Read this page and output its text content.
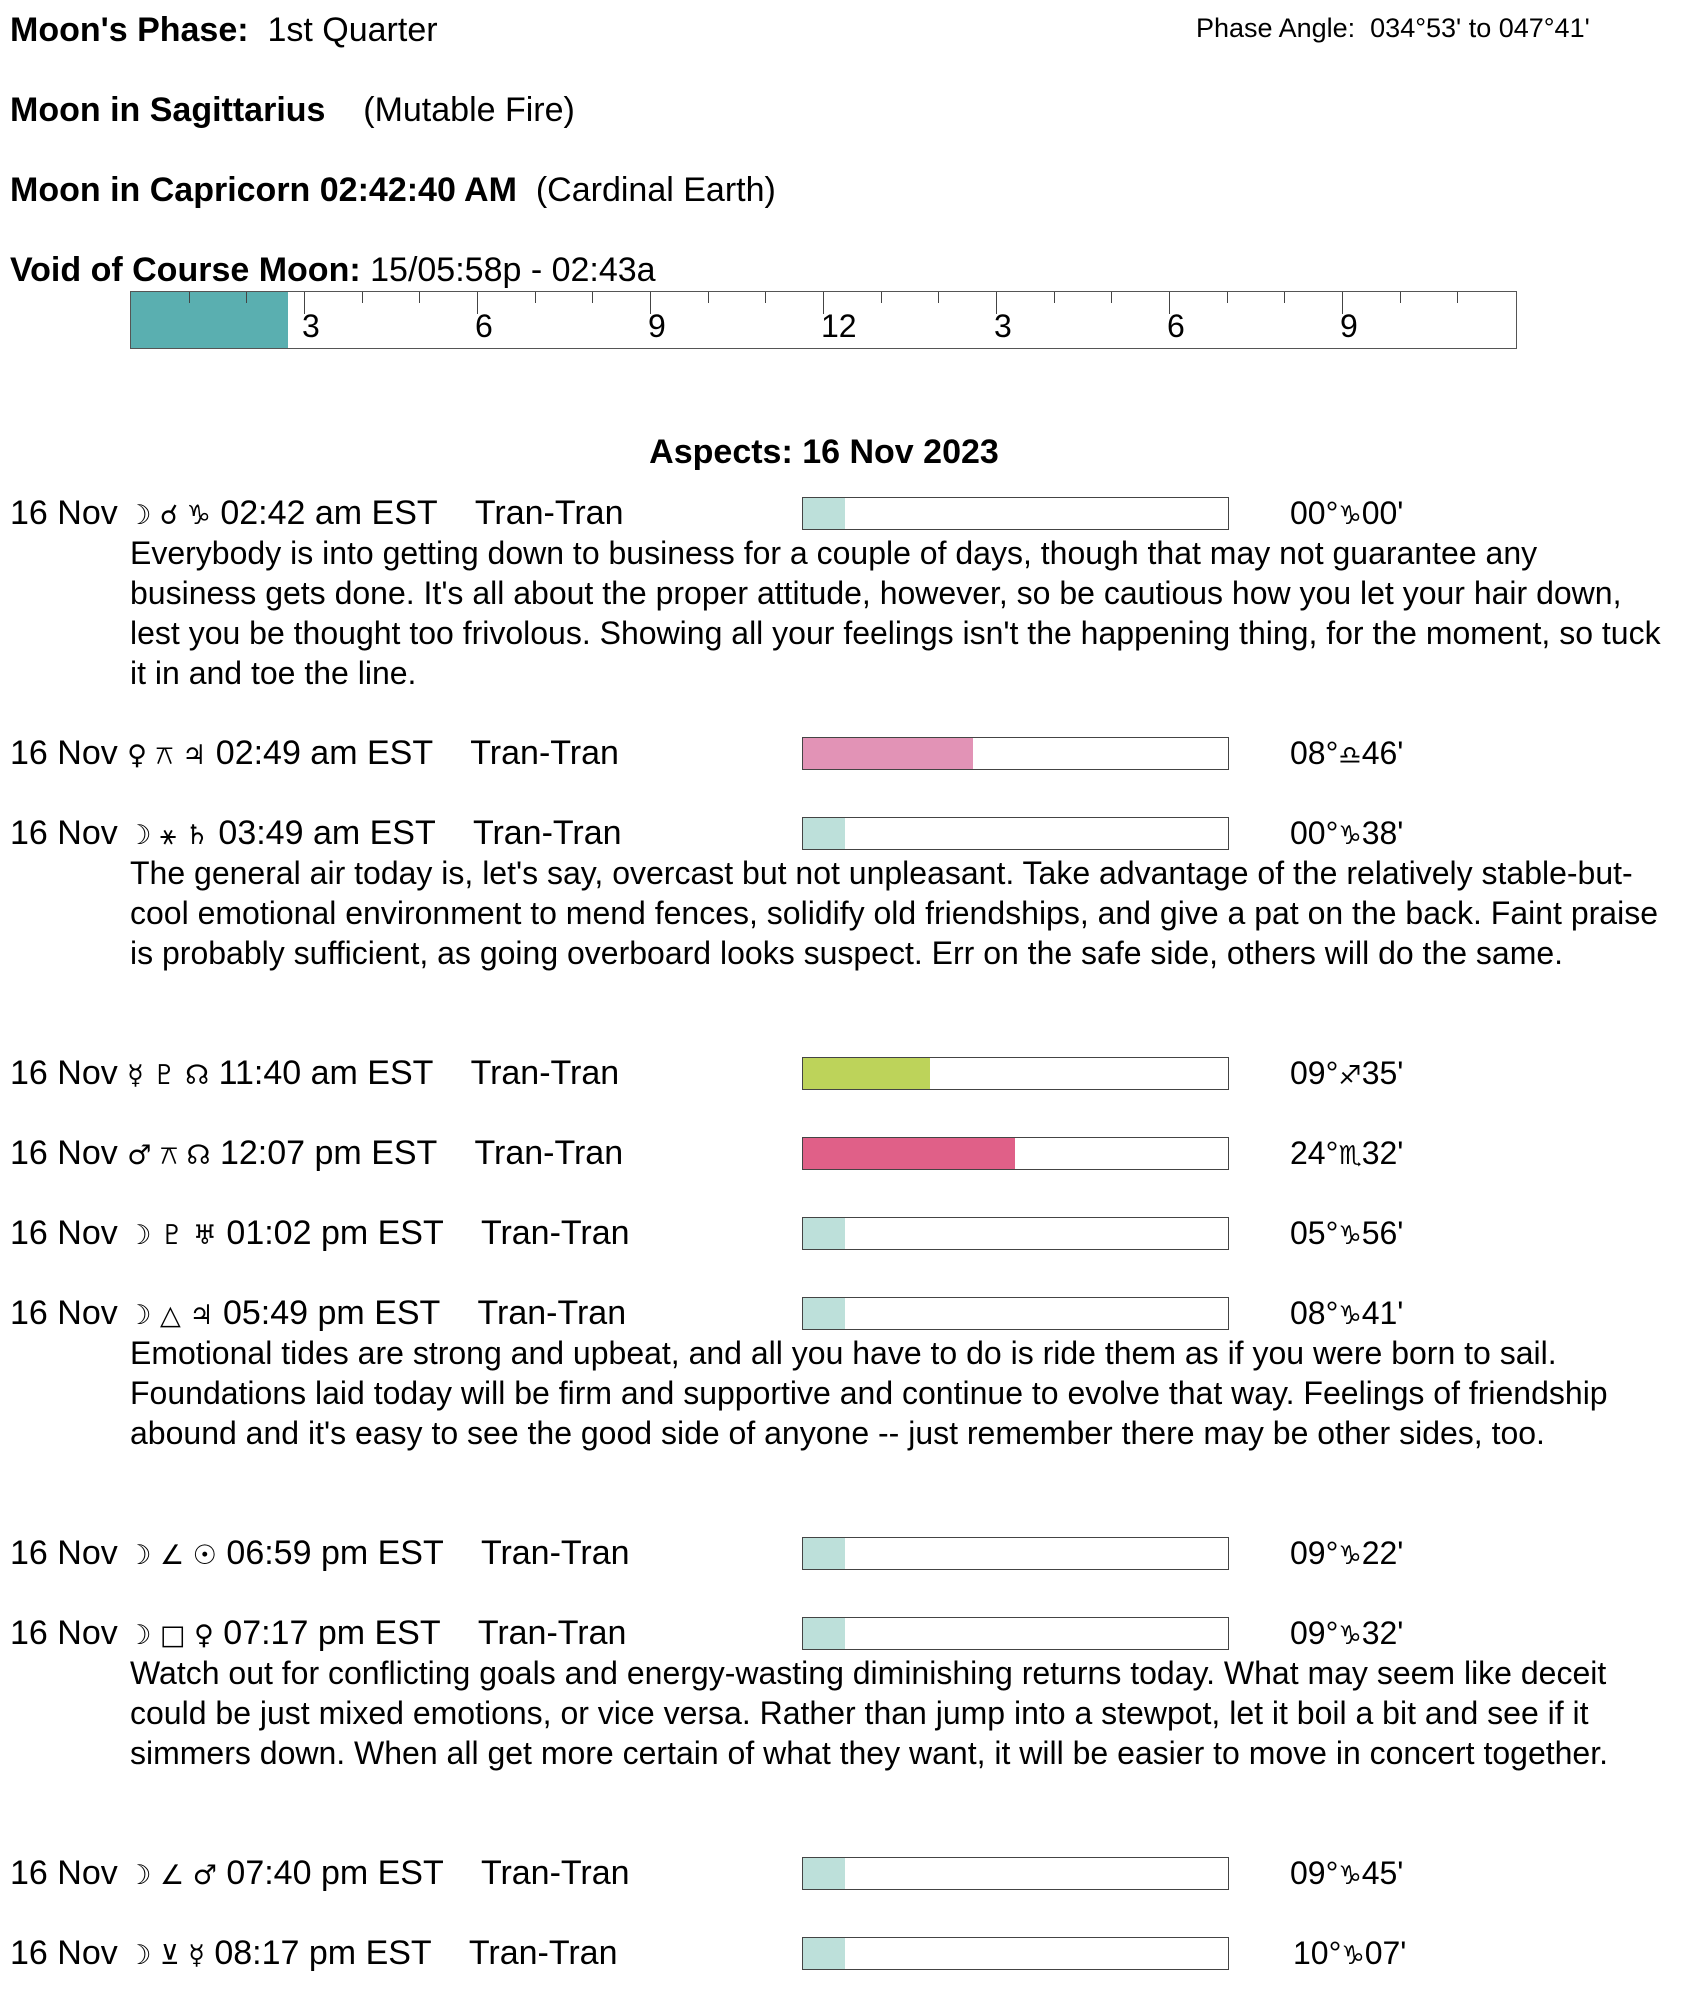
Moon's Phase: 1st Quarter	Phase Angle: 034°53' to 047°41'
Moon in Sagittarius (Mutable Fire)
Moon in Capricorn 02:42:40 AM (Cardinal Earth)
Void of Course Moon: 15/05:58p - 02:43a
3	6	9	12	3	6	9
Aspects: 16 Nov 2023
16 Nov ☽ ☌ ♑ 02:42 am EST Tran-Tran	00°♑00'
Everybody is into getting down to business for a couple of days, though that may not guarantee any business gets done. It's all about the proper attitude, however, so be cautious how you let your hair down, lest you be thought too frivolous. Showing all your feelings isn't the happening thing, for the moment, so tuck it in and toe the line.
16 Nov ♀ ⚻ ♃ 02:49 am EST Tran-Tran	08°♎46'
16 Nov ☽ ⚹ ♄ 03:49 am EST Tran-Tran	00°♑38'
The general air today is, let's say, overcast but not unpleasant. Take advantage of the relatively stable-but-cool emotional environment to mend fences, solidify old friendships, and give a pat on the back. Faint praise is probably sufficient, as going overboard looks suspect. Err on the safe side, others will do the same.
16 Nov ☿ ♇ ☊ 11:40 am EST Tran-Tran	09°♐35'
16 Nov ♂ ⚻ ☊ 12:07 pm EST Tran-Tran	24°♏32'
16 Nov ☽ ♇ ♅ 01:02 pm EST Tran-Tran	05°♑56'
16 Nov ☽ △ ♃ 05:49 pm EST Tran-Tran	08°♑41'
Emotional tides are strong and upbeat, and all you have to do is ride them as if you were born to sail. Foundations laid today will be firm and supportive and continue to evolve that way. Feelings of friendship abound and it's easy to see the good side of anyone -- just remember there may be other sides, too.
16 Nov ☽ ∠ ☉ 06:59 pm EST Tran-Tran	09°♑22'
16 Nov ☽ □ ♀ 07:17 pm EST Tran-Tran	09°♑32'
Watch out for conflicting goals and energy-wasting diminishing returns today. What may seem like deceit could be just mixed emotions, or vice versa. Rather than jump into a stewpot, let it boil a bit and see if it simmers down. When all get more certain of what they want, it will be easier to move in concert together.
16 Nov ☽ ∠ ♂ 07:40 pm EST Tran-Tran	09°♑45'
16 Nov ☽ ⊻ ☿ 08:17 pm EST Tran-Tran	10°♑07'
